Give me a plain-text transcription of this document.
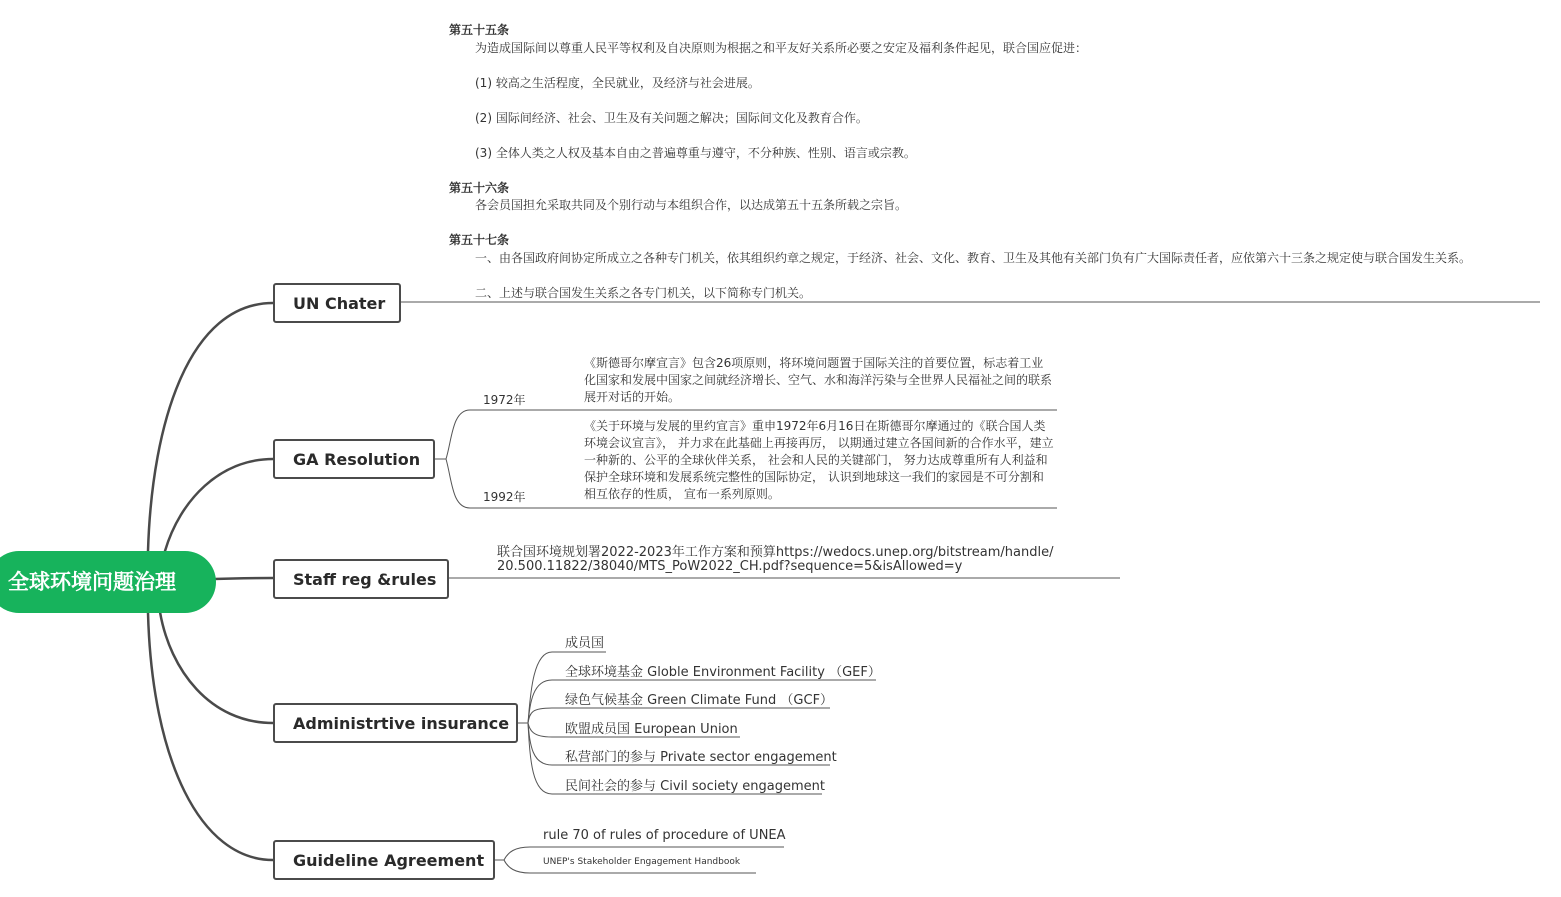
全球环境问题治理
UN Chater
第五十五条
为造成国际间以尊重人民平等权利及自决原则为根据之和平友好关系所必要之安定及福利条件起见，联合国应促进：
(1) 较高之生活程度，全民就业，及经济与社会进展。
(2) 国际间经济、社会、卫生及有关问题之解决；国际间文化及教育合作。
(3) 全体人类之人权及基本自由之普遍尊重与遵守，不分种族、性别、语言或宗教。
第五十六条
各会员国担允采取共同及个别行动与本组织合作，以达成第五十五条所载之宗旨。
第五十七条
一、由各国政府间协定所成立之各种专门机关，依其组织约章之规定，于经济、社会、文化、教育、卫生及其他有关部门负有广大国际责任者，应依第六十三条之规定使与联合国发生关系。
二、上述与联合国发生关系之各专门机关，以下简称专门机关。
GA Resolution
1972年
《斯德哥尔摩宣言》包含26项原则，将环境问题置于国际关注的首要位置，标志着工业化国家和发展中国家之间就经济增长、空气、水和海洋污染与全世界人民福祉之间的联系展开对话的开始。
1992年
《关于环境与发展的里约宣言》重申1972年6月16日在斯德哥尔摩通过的《联合国人类环境会议宣言》， 并力求在此基础上再接再厉， 以期通过建立各国间新的合作水平，建立一种新的、公平的全球伙伴关系， 社会和人民的关键部门， 努力达成尊重所有人利益和保护全球环境和发展系统完整性的国际协定， 认识到地球这一我们的家园是不可分割和相互依存的性质， 宣布一系列原则。
Staff reg &rules
联合国环境规划署2022-2023年工作方案和预算https://wedocs.unep.org/bitstream/handle/
20.500.11822/38040/MTS_PoW2022_CH.pdf?sequence=5&isAllowed=y
Administrtive insurance
成员国
全球环境基金 Globle Environment Facility （GEF）
绿色气候基金 Green Climate Fund （GCF）
欧盟成员国 European Union
私营部门的参与 Private sector engagement
民间社会的参与 Civil society engagement
Guideline Agreement
rule 70 of rules of procedure of UNEA
UNEP's Stakeholder Engagement Handbook
